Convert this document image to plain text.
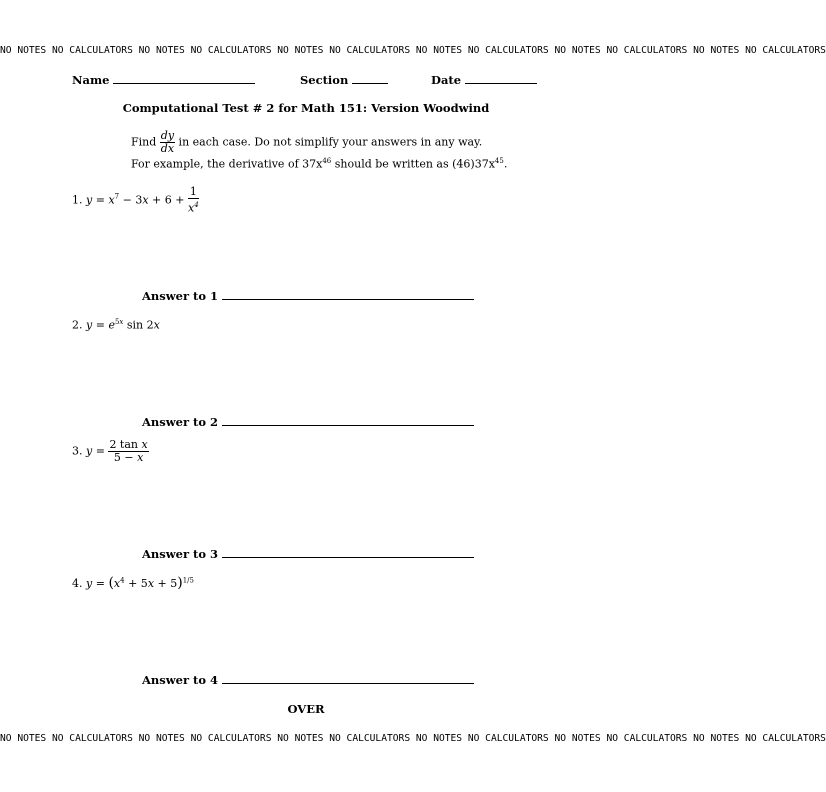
NO NOTES NO CALCULATORS NO NOTES NO CALCULATORS NO NOTES NO CALCULATORS NO NOTES NO CALCULATORS NO NOTES NO CALCULATORS NO NOTES NO CALCULATORS
Name	Section	Date
Computational Test # 2 for Math 151: Version Woodwind
Find $\frac{dy}{dx}$ in each case. Do not simplify your answers in any way.
For example, the derivative of $37x^{46}$ should be written as $(46)37x^{45}$.
1. $y = x^7 - 3x + 6 + \frac{1}{x^4}$
Answer to 1
2. $y = e^{5x}$ sin 2x
Answer to 2
3. $y = \frac{\text{2 tan x}}{5 - x}$
Answer to 3
4. $y = (x^4 + 5x + 5)^{1/5}$
Answer to 4
OVER
NO NOTES NO CALCULATORS NO NOTES NO CALCULATORS NO NOTES NO CALCULATORS NO NOTES NO CALCULATORS NO NOTES NO CALCULATORS NO NOTES NO CALCULATORS
